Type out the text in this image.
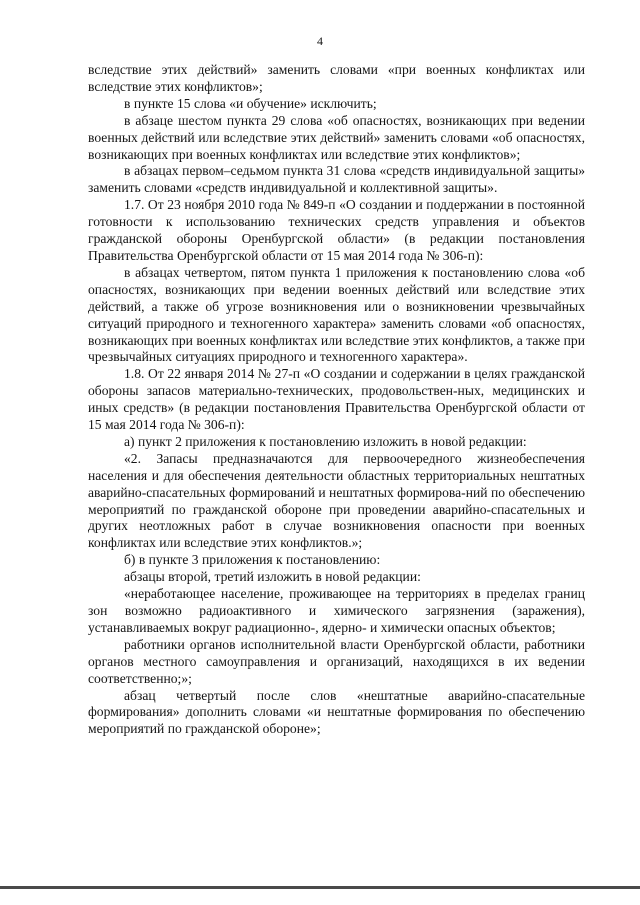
4

вследствие этих действий» заменить словами «при военных конфликтах или вследствие этих конфликтов»;

в пункте 15 слова «и обучение» исключить;

в абзаце шестом пункта 29 слова «об опасностях, возникающих при ведении военных действий или вследствие этих действий» заменить словами «об опасностях, возникающих при военных конфликтах или вследствие этих конфликтов»;

в абзацах первом–седьмом пункта 31 слова «средств индивидуальной защиты» заменить словами «средств индивидуальной и коллективной защиты».

1.7. От 23 ноября 2010 года № 849-п «О создании и поддержании в постоянной готовности к использованию технических средств управления и объектов гражданской обороны Оренбургской области» (в редакции постановления Правительства Оренбургской области от 15 мая 2014 года № 306-п):

в абзацах четвертом, пятом пункта 1 приложения к постановлению слова «об опасностях, возникающих при ведении военных действий или вследствие этих действий, а также об угрозе возникновения или о возникновении чрезвычайных ситуаций природного и техногенного характера» заменить словами «об опасностях, возникающих при военных конфликтах или вследствие этих конфликтов, а также при чрезвычайных ситуациях природного и техногенного характера».

1.8. От 22 января 2014 № 27-п «О создании и содержании в целях гражданской обороны запасов материально-технических, продовольствен-ных, медицинских и иных средств» (в редакции постановления Правительства Оренбургской области от 15 мая 2014 года № 306-п):

а) пункт 2 приложения к постановлению изложить в новой редакции:

«2. Запасы предназначаются для первоочередного жизнеобеспечения населения и для обеспечения деятельности областных территориальных нештатных аварийно-спасательных формирований и нештатных формирова-ний по обеспечению мероприятий по гражданской обороне при проведении аварийно-спасательных и других неотложных работ в случае возникновения опасности при военных конфликтах или вследствие этих конфликтов.»;

б) в пункте 3 приложения к постановлению:

абзацы второй, третий изложить в новой редакции:

«неработающее население, проживающее на территориях в пределах границ зон возможно радиоактивного и химического загрязнения (заражения), устанавливаемых вокруг радиационно-, ядерно- и химически опасных объектов;

работники органов исполнительной власти Оренбургской области, работники органов местного самоуправления и организаций, находящихся в их ведении соответственно;»;

абзац четвертый после слов «нештатные аварийно-спасательные формирования» дополнить словами «и нештатные формирования по обеспечению мероприятий по гражданской обороне»;
